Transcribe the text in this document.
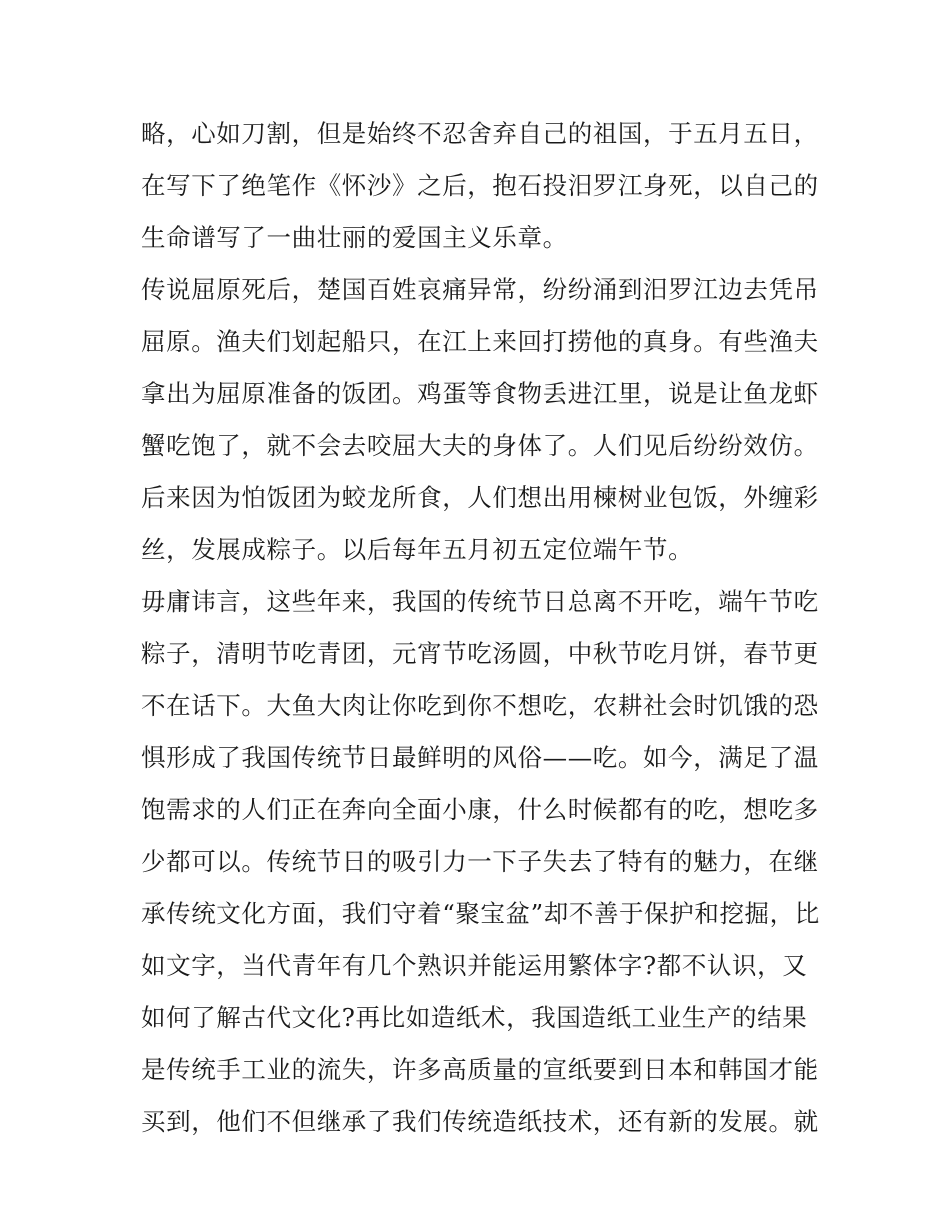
略，心如刀割，但是始终不忍舍弃自己的祖国，于五月五日，
在写下了绝笔作《怀沙》之后，抱石投汨罗江身死，以自己的
生命谱写了一曲壮丽的爱国主义乐章。
传说屈原死后，楚国百姓哀痛异常，纷纷涌到汨罗江边去凭吊
屈原。渔夫们划起船只，在江上来回打捞他的真身。有些渔夫
拿出为屈原准备的饭团。鸡蛋等食物丢进江里，说是让鱼龙虾
蟹吃饱了，就不会去咬屈大夫的身体了。人们见后纷纷效仿。
后来因为怕饭团为蛟龙所食，人们想出用楝树业包饭，外缠彩
丝，发展成粽子。以后每年五月初五定位端午节。
毋庸讳言，这些年来，我国的传统节日总离不开吃，端午节吃
粽子，清明节吃青团，元宵节吃汤圆，中秋节吃月饼，春节更
不在话下。大鱼大肉让你吃到你不想吃，农耕社会时饥饿的恐
惧形成了我国传统节日最鲜明的风俗——吃。如今，满足了温
饱需求的人们正在奔向全面小康，什么时候都有的吃，想吃多
少都可以。传统节日的吸引力一下子失去了特有的魅力，在继
承传统文化方面，我们守着“聚宝盆”却不善于保护和挖掘，比
如文字，当代青年有几个熟识并能运用繁体字?都不认识，又
如何了解古代文化?再比如造纸术，我国造纸工业生产的结果
是传统手工业的流失，许多高质量的宣纸要到日本和韩国才能
买到，他们不但继承了我们传统造纸技术，还有新的发展。就
